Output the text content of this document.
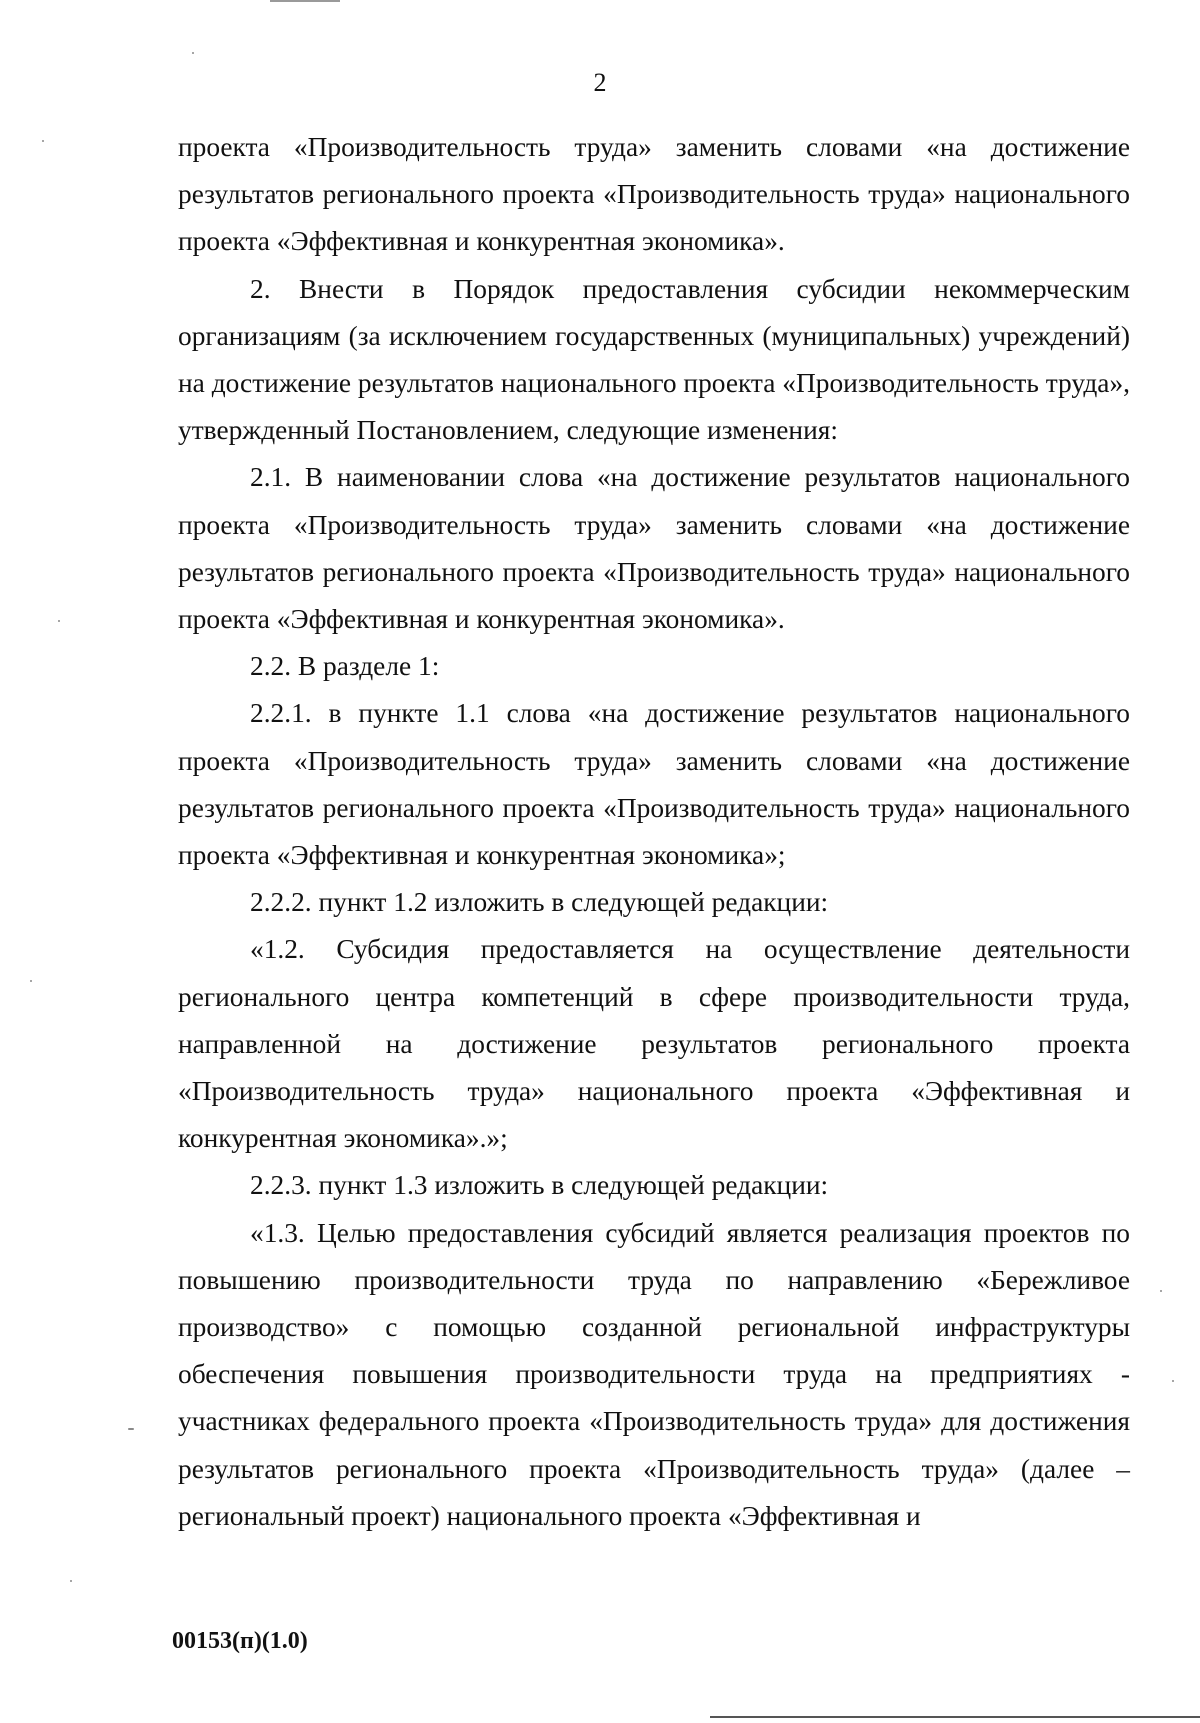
2

проекта «Производительность труда» заменить словами «на достижение результатов регионального проекта «Производительность труда» национального проекта «Эффективная и конкурентная экономика».

2. Внести в Порядок предоставления субсидии некоммерческим организациям (за исключением государственных (муниципальных) учреждений) на достижение результатов национального проекта «Производительность труда», утвержденный Постановлением, следующие изменения:

2.1. В наименовании слова «на достижение результатов национального проекта «Производительность труда» заменить словами «на достижение результатов регионального проекта «Производительность труда» национального проекта «Эффективная и конкурентная экономика».

2.2. В разделе 1:

2.2.1. в пункте 1.1 слова «на достижение результатов национального проекта «Производительность труда» заменить словами «на достижение результатов регионального проекта «Производительность труда» национального проекта «Эффективная и конкурентная экономика»;

2.2.2. пункт 1.2 изложить в следующей редакции:

«1.2. Субсидия предоставляется на осуществление деятельности регионального центра компетенций в сфере производительности труда, направленной на достижение результатов регионального проекта «Производительность труда» национального проекта «Эффективная и конкурентная экономика».»;

2.2.3. пункт 1.3 изложить в следующей редакции:

«1.3. Целью предоставления субсидий является реализация проектов по повышению производительности труда по направлению «Бережливое производство» с помощью созданной региональной инфраструктуры обеспечения повышения производительности труда на предприятиях - участниках федерального проекта «Производительность труда» для достижения результатов регионального проекта «Производительность труда» (далее – региональный проект) национального проекта «Эффективная и

00153(п)(1.0)
